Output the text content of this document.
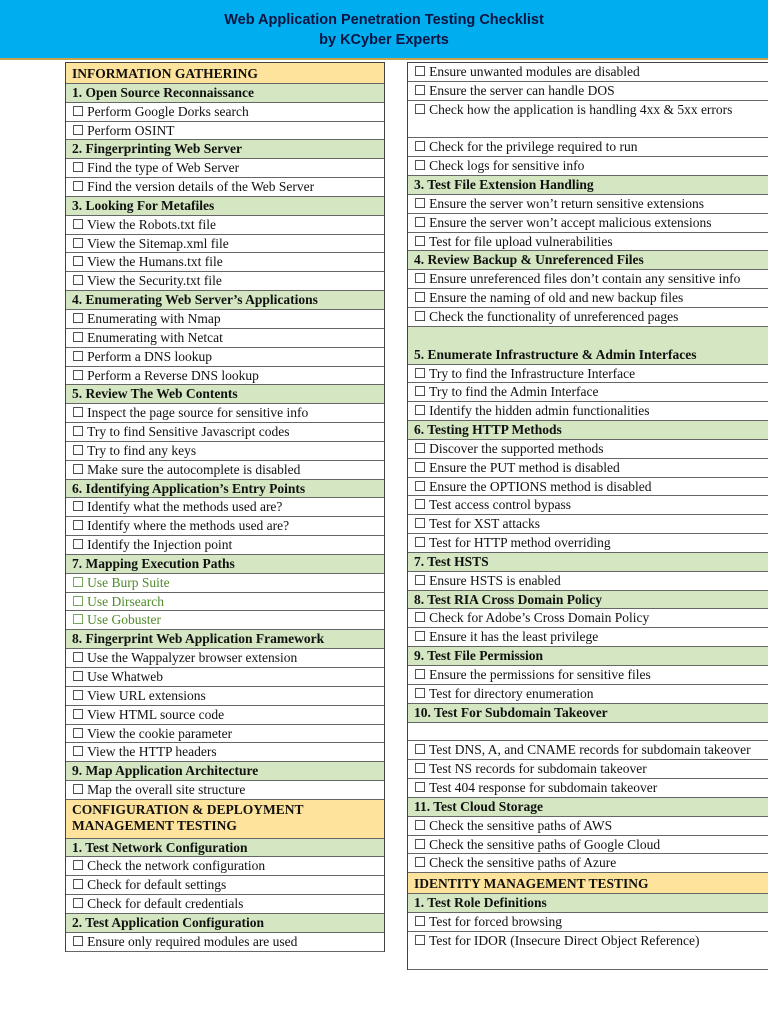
Web Application Penetration Testing Checklist
by KCyber Experts
INFORMATION GATHERING
1. Open Source Reconnaissance
☐ Perform Google Dorks search
☐ Perform OSINT
2. Fingerprinting Web Server
☐ Find the type of Web Server
☐ Find the version details of the Web Server
3. Looking For Metafiles
☐ View the Robots.txt file
☐ View the Sitemap.xml file
☐ View the Humans.txt file
☐ View the Security.txt file
4. Enumerating Web Server’s Applications
☐ Enumerating with Nmap
☐ Enumerating with Netcat
☐ Perform a DNS lookup
☐ Perform a Reverse DNS lookup
5. Review The Web Contents
☐ Inspect the page source for sensitive info
☐ Try to find Sensitive Javascript codes
☐ Try to find any keys
☐ Make sure the autocomplete is disabled
6. Identifying Application’s Entry Points
☐ Identify what the methods used are?
☐ Identify where the methods used are?
☐ Identify the Injection point
7. Mapping Execution Paths
☐ Use Burp Suite
☐ Use Dirsearch
☐ Use Gobuster
8. Fingerprint Web Application Framework
☐ Use the Wappalyzer browser extension
☐ Use Whatweb
☐ View URL extensions
☐ View HTML source code
☐ View the cookie parameter
☐ View the HTTP headers
9. Map Application Architecture
☐ Map the overall site structure
CONFIGURATION & DEPLOYMENT MANAGEMENT TESTING
1. Test Network Configuration
☐ Check the network configuration
☐ Check for default settings
☐ Check for default credentials
2. Test Application Configuration
☐ Ensure only required modules are used
☐ Ensure unwanted modules are disabled
☐ Ensure the server can handle DOS
☐ Check how the application is handling 4xx & 5xx errors
☐ Check for the privilege required to run
☐ Check logs for sensitive info
3. Test File Extension Handling
☐ Ensure the server won’t return sensitive extensions
☐ Ensure the server won’t accept malicious extensions
☐ Test for file upload vulnerabilities
4. Review Backup & Unreferenced Files
☐ Ensure unreferenced files don’t contain any sensitive info
☐ Ensure the naming of old and new backup files
☐ Check the functionality of unreferenced pages
5. Enumerate Infrastructure & Admin Interfaces
☐ Try to find the Infrastructure Interface
☐ Try to find the Admin Interface
☐ Identify the hidden admin functionalities
6. Testing HTTP Methods
☐ Discover the supported methods
☐ Ensure the PUT method is disabled
☐ Ensure the OPTIONS method is disabled
☐ Test access control bypass
☐ Test for XST attacks
☐ Test for HTTP method overriding
7. Test HSTS
☐ Ensure HSTS is enabled
8. Test RIA Cross Domain Policy
☐ Check for Adobe’s Cross Domain Policy
☐ Ensure it has the least privilege
9. Test File Permission
☐ Ensure the permissions for sensitive files
☐ Test for directory enumeration
10. Test For Subdomain Takeover
☐ Test DNS, A, and CNAME records for subdomain takeover
☐ Test NS records for subdomain takeover
☐ Test 404 response for subdomain takeover
11. Test Cloud Storage
☐ Check the sensitive paths of AWS
☐ Check the sensitive paths of Google Cloud
☐ Check the sensitive paths of Azure
IDENTITY MANAGEMENT TESTING
1. Test Role Definitions
☐ Test for forced browsing
☐ Test for IDOR (Insecure Direct Object Reference)
